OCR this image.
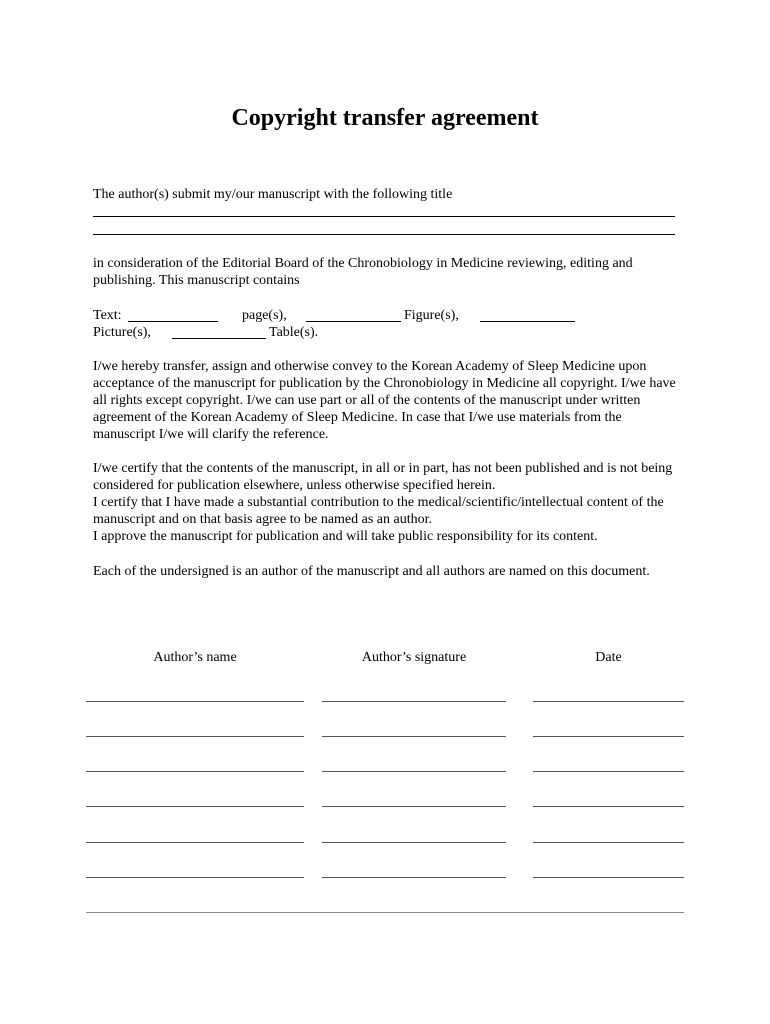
Copyright transfer agreement
The author(s) submit my/our manuscript with the following title
in consideration of the Editorial Board of the Chronobiology in Medicine reviewing, editing and publishing. This manuscript contains
Text:	page(s),	Figure(s),
Picture(s),	Table(s).
I/we hereby transfer, assign and otherwise convey to the Korean Academy of Sleep Medicine upon acceptance of the manuscript for publication by the Chronobiology in Medicine all copyright. I/we have all rights except copyright. I/we can use part or all of the contents of the manuscript under written agreement of the Korean Academy of Sleep Medicine. In case that I/we use materials from the manuscript I/we will clarify the reference.
I/we certify that the contents of the manuscript, in all or in part, has not been published and is not being considered for publication elsewhere, unless otherwise specified herein.
I certify that I have made a substantial contribution to the medical/scientific/intellectual content of the manuscript and on that basis agree to be named as an author.
I approve the manuscript for publication and will take public responsibility for its content.
Each of the undersigned is an author of the manuscript and all authors are named on this document.
Author’s name	Author’s signature	Date
